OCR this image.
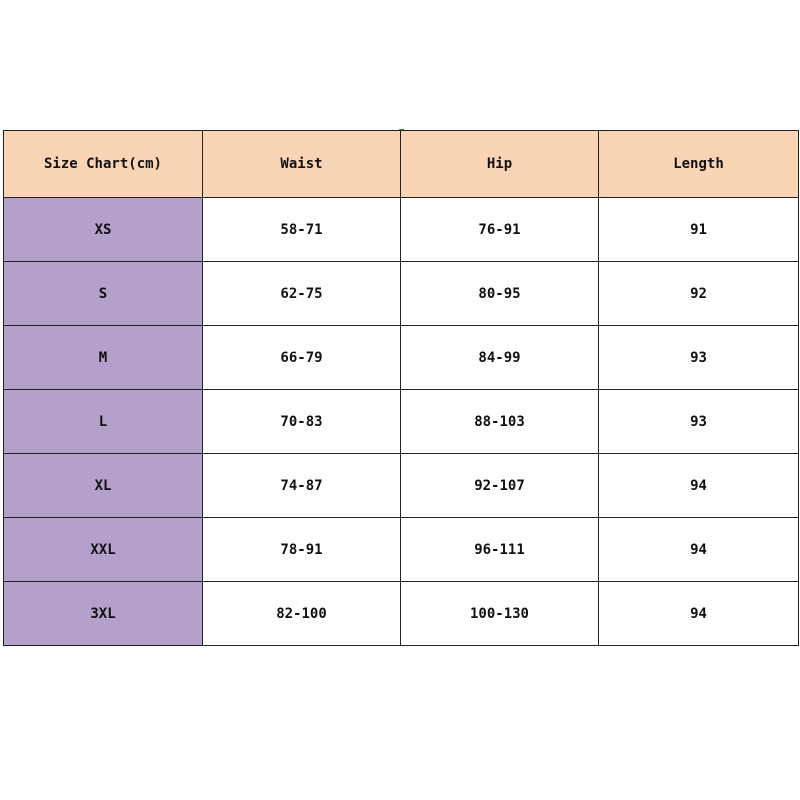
Size Chart(cm)	Waist	Hip	Length
XS	58-71	76-91	91
S	62-75	80-95	92
M	66-79	84-99	93
L	70-83	88-103	93
XL	74-87	92-107	94
XXL	78-91	96-111	94
3XL	82-100	100-130	94
